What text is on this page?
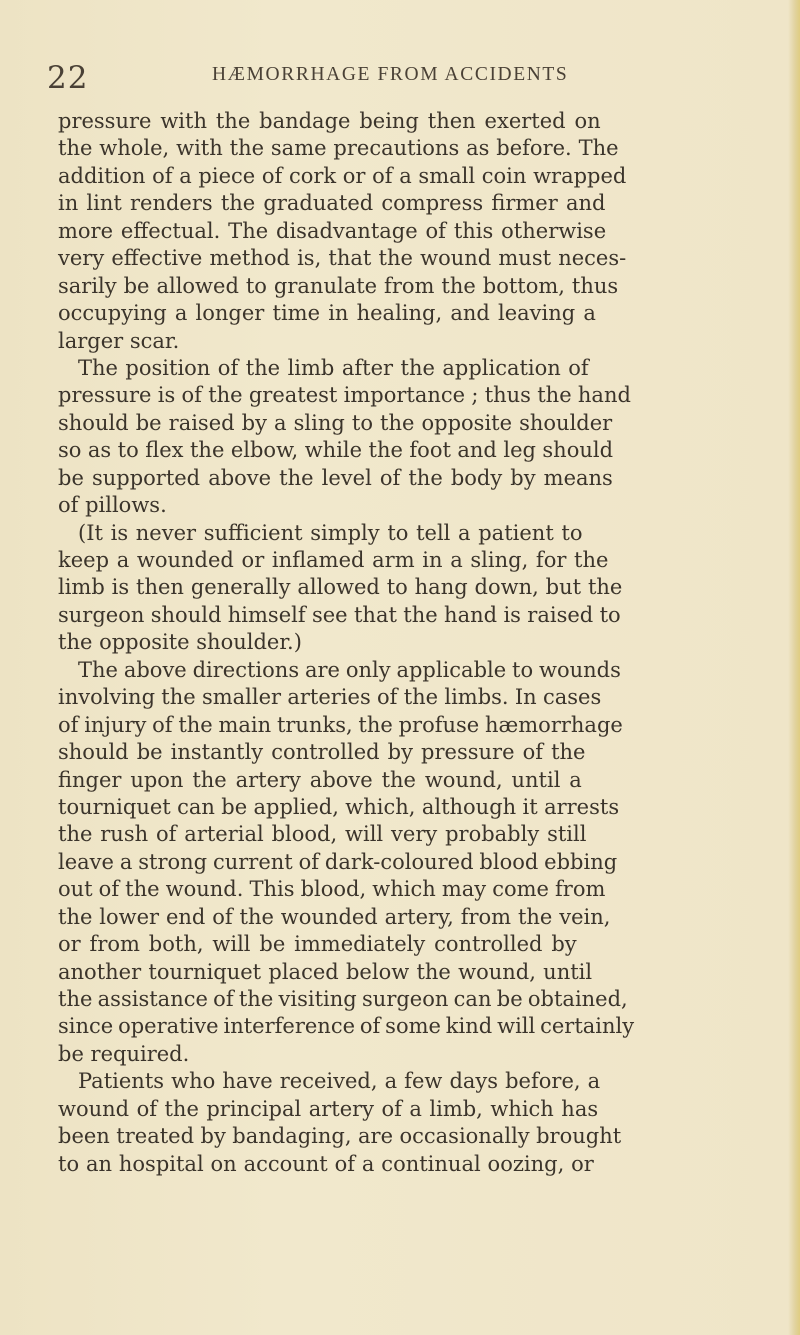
22	HÆMORRHAGE FROM ACCIDENTS
pressure with the bandage being then exerted on
the whole, with the same precautions as before. The
addition of a piece of cork or of a small coin wrapped
in lint renders the graduated compress firmer and
more effectual. The disadvantage of this otherwise
very effective method is, that the wound must neces-
sarily be allowed to granulate from the bottom, thus
occupying a longer time in healing, and leaving a
larger scar.
The position of the limb after the application of
pressure is of the greatest importance ; thus the hand
should be raised by a sling to the opposite shoulder
so as to flex the elbow, while the foot and leg should
be supported above the level of the body by means
of pillows.
(It is never sufficient simply to tell a patient to
keep a wounded or inflamed arm in a sling, for the
limb is then generally allowed to hang down, but the
surgeon should himself see that the hand is raised to
the opposite shoulder.)
The above directions are only applicable to wounds
involving the smaller arteries of the limbs. In cases
of injury of the main trunks, the profuse hæmorrhage
should be instantly controlled by pressure of the
finger upon the artery above the wound, until a
tourniquet can be applied, which, although it arrests
the rush of arterial blood, will very probably still
leave a strong current of dark-coloured blood ebbing
out of the wound. This blood, which may come from
the lower end of the wounded artery, from the vein,
or from both, will be immediately controlled by
another tourniquet placed below the wound, until
the assistance of the visiting surgeon can be obtained,
since operative interference of some kind will certainly
be required.
Patients who have received, a few days before, a
wound of the principal artery of a limb, which has
been treated by bandaging, are occasionally brought
to an hospital on account of a continual oozing, or
